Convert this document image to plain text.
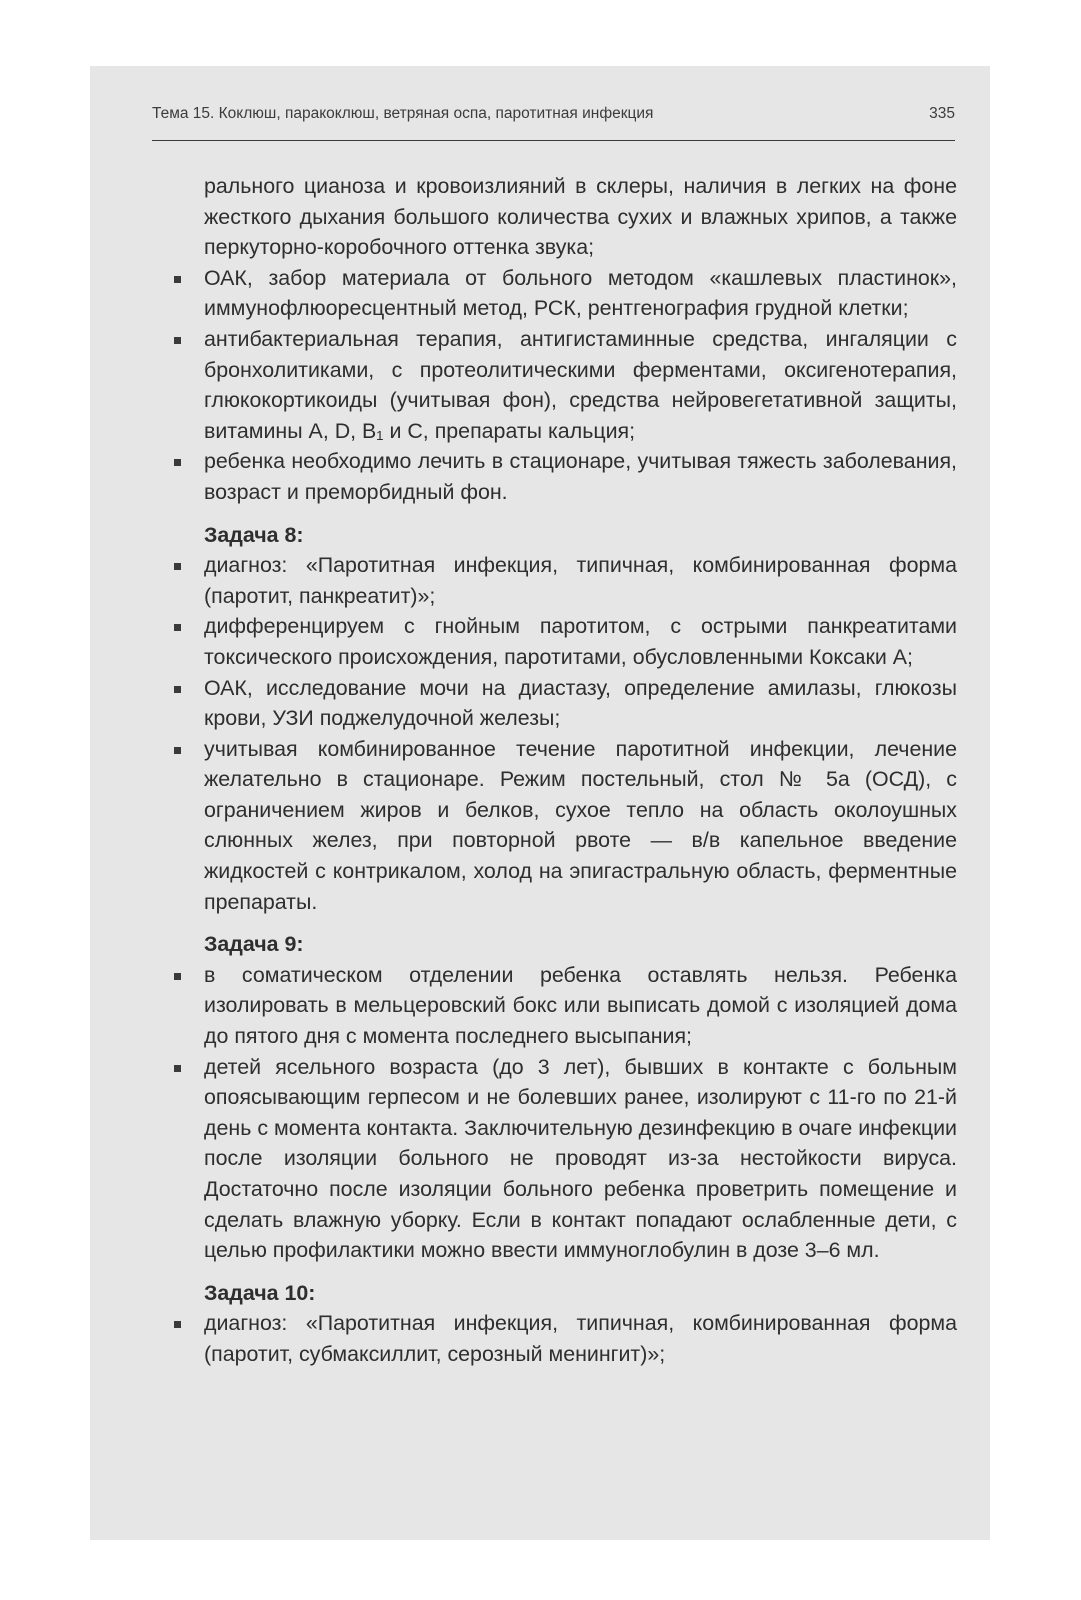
Тема 15. Коклюш, паракоклюш, ветряная оспа, паротитная инфекция	335

рального цианоза и кровоизлияний в склеры, наличия в легких на фоне жесткого дыхания большого количества сухих и влажных хрипов, а также перкуторно-коробочного оттенка звука;

ОАК, забор материала от больного методом «кашлевых пластинок», иммунофлюоресцентный метод, РСК, рентгенография грудной клетки;
антибактериальная терапия, антигистаминные средства, ингаляции с бронхолитиками, с протеолитическими ферментами, оксигенотерапия, глюкокортикоиды (учитывая фон), средства нейровегетативной защиты, витамины A, D, B₁ и C, препараты кальция;
ребенка необходимо лечить в стационаре, учитывая тяжесть заболевания, возраст и преморбидный фон.

Задача 8:

диагноз: «Паротитная инфекция, типичная, комбинированная форма (паротит, панкреатит)»;
дифференцируем с гнойным паротитом, с острыми панкреатитами токсического происхождения, паротитами, обусловленными Коксаки А;
ОАК, исследование мочи на диастазу, определение амилазы, глюкозы крови, УЗИ поджелудочной железы;
учитывая комбинированное течение паротитной инфекции, лечение желательно в стационаре. Режим постельный, стол № 5а (ОСД), с ограничением жиров и белков, сухое тепло на область околоушных слюнных желез, при повторной рвоте — в/в капельное введение жидкостей с контрикалом, холод на эпигастральную область, ферментные препараты.

Задача 9:

в соматическом отделении ребенка оставлять нельзя. Ребенка изолировать в мельцеровский бокс или выписать домой с изоляцией дома до пятого дня с момента последнего высыпания;
детей ясельного возраста (до 3 лет), бывших в контакте с больным опоясывающим герпесом и не болевших ранее, изолируют с 11-го по 21-й день с момента контакта. Заключительную дезинфекцию в очаге инфекции после изоляции больного не проводят из-за нестойкости вируса. Достаточно после изоляции больного ребенка проветрить помещение и сделать влажную уборку. Если в контакт попадают ослабленные дети, с целью профилактики можно ввести иммуноглобулин в дозе 3–6 мл.

Задача 10:

диагноз: «Паротитная инфекция, типичная, комбинированная форма (паротит, субмаксиллит, серозный менингит)»;
